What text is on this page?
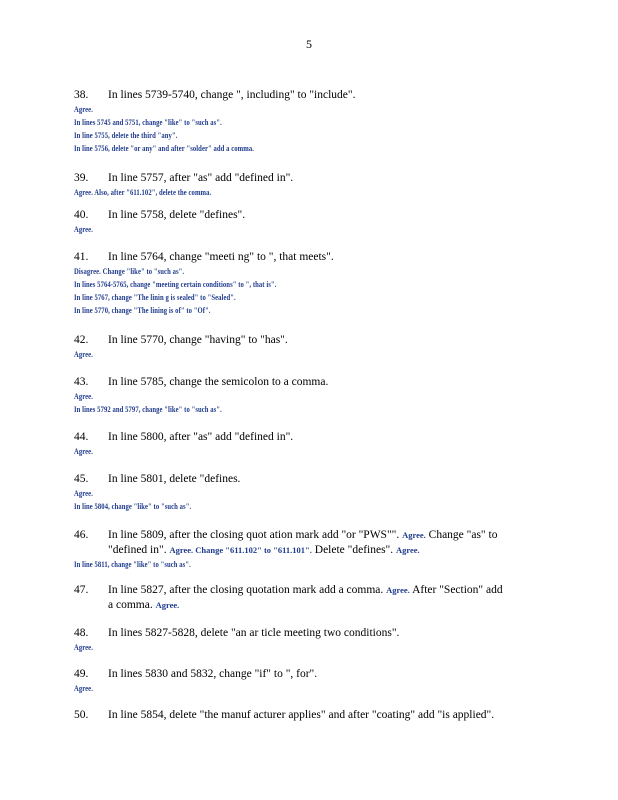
5
38.	In lines 5739-5740, change ", including" to "include".
Agree.
In lines 5745 and 5751, change "like" to "such as".
In line 5755, delete the third "any".
In line 5756, delete "or any" and after "solder" add a comma.
39.	In line 5757, after "as" add "defined in".
Agree. Also, after "611.102", delete the comma.
40.	In line 5758, delete "defines".
Agree.
41.	In line 5764, change "meeti ng" to ", that meets".
Disagree. Change "like" to "such as".
In lines 5764-5765, change "meeting certain conditions" to ", that is".
In line 5767, change "The linin g is sealed" to "Sealed".
In line 5770, change "The lining is of" to "Of".
42.	In line 5770, change "having" to "has".
Agree.
43.	In line 5785, change the semicolon to a comma.
Agree.
In lines 5792 and 5797, change "like" to "such as".
44.	In line 5800, after "as" add "defined in".
Agree.
45.	In line 5801, delete "defines.
Agree.
In line 5804, change "like" to "such as".
46.	In line 5809, after the closing quot ation mark add "or "PWS"". Agree. Change "as" to
"defined in". Agree. Change "611.102" to "611.101". Delete "defines". Agree.
In line 5811, change "like" to "such as".
47.	In line 5827, after the closing quotation mark add a comma. Agree. After "Section" add
a comma. Agree.
48.	In lines 5827-5828, delete "an ar ticle meeting two conditions".
Agree.
49.	In lines 5830 and 5832, change "if" to ", for".
Agree.
50.	In line 5854, delete "the manuf acturer applies" and after "coating" add "is applied".
